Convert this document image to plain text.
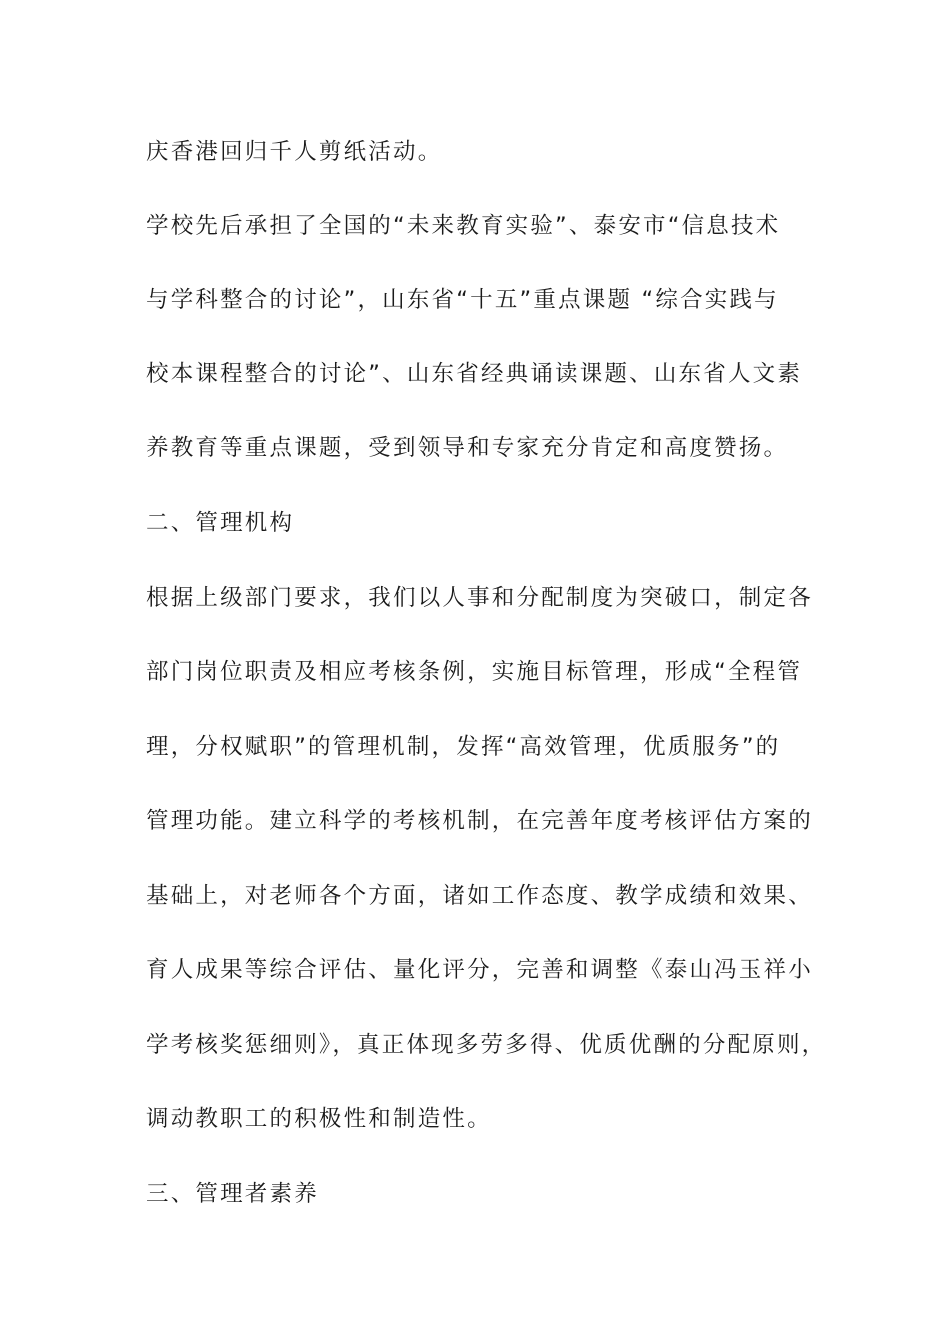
庆香港回归千人剪纸活动。
学校先后承担了全国的“未来教育实验”、泰安市“信息技术
与学科整合的讨论”，山东省“十五”重点课题 “综合实践与
校本课程整合的讨论”、山东省经典诵读课题、山东省人文素
养教育等重点课题，受到领导和专家充分肯定和高度赞扬。
二、管理机构
根据上级部门要求，我们以人事和分配制度为突破口，制定各
部门岗位职责及相应考核条例，实施目标管理，形成“全程管
理，分权赋职”的管理机制，发挥“高效管理，优质服务”的
管理功能。建立科学的考核机制，在完善年度考核评估方案的
基础上，对老师各个方面，诸如工作态度、教学成绩和效果、
育人成果等综合评估、量化评分，完善和调整《泰山冯玉祥小
学考核奖惩细则》，真正体现多劳多得、优质优酬的分配原则，
调动教职工的积极性和制造性。
三、管理者素养
